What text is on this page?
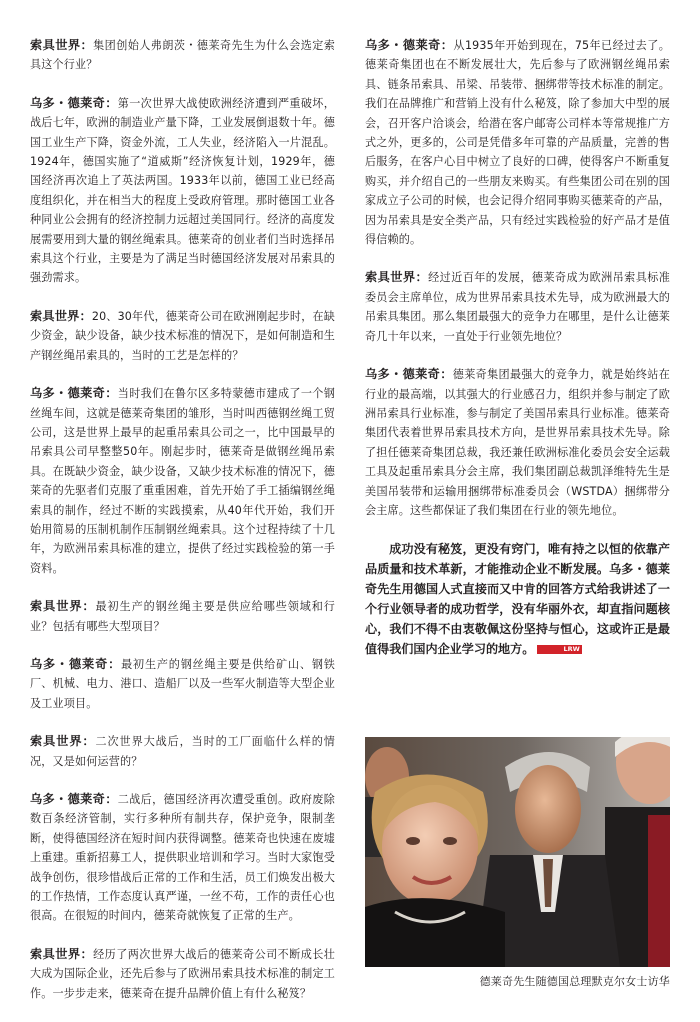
索具世界：集团创始人弗朗茨・德莱奇先生为什么会选定索具这个行业？

乌多・德莱奇：第一次世界大战使欧洲经济遭到严重破坏，战后七年，欧洲的制造业产量下降，工业发展倒退数十年。德国工业生产下降，资金外流，工人失业，经济陷入一片混乱。1924年，德国实施了“道威斯”经济恢复计划，1929年，德国经济再次追上了英法两国。1933年以前，德国工业已经高度组织化，并在相当大的程度上受政府管理。那时德国工业各种同业公会拥有的经济控制力远超过美国同行。经济的高度发展需要用到大量的钢丝绳索具。德莱奇的创业者们当时选择吊索具这个行业，主要是为了满足当时德国经济发展对吊索具的强劲需求。

索具世界：20、30年代，德莱奇公司在欧洲刚起步时，在缺少资金，缺少设备，缺少技术标准的情况下，是如何制造和生产钢丝绳吊索具的，当时的工艺是怎样的？

乌多・德莱奇：当时我们在鲁尔区多特蒙德市建成了一个钢丝绳车间，这就是德莱奇集团的雏形，当时叫西德钢丝绳工贸公司，这是世界上最早的起重吊索具公司之一，比中国最早的吊索具公司早整整50年。刚起步时，德莱奇是做钢丝绳吊索具。在既缺少资金，缺少设备，又缺少技术标准的情况下，德莱奇的先驱者们克服了重重困难，首先开始了手工插编钢丝绳索具的制作，经过不断的实践摸索，从40年代开始，我们开始用简易的压制机制作压制钢丝绳索具。这个过程持续了十几年，为欧洲吊索具标准的建立，提供了经过实践检验的第一手资料。

索具世界：最初生产的钢丝绳主要是供应给哪些领域和行业？包括有哪些大型项目？

乌多・德莱奇：最初生产的钢丝绳主要是供给矿山、钢铁厂、机械、电力、港口、造船厂以及一些军火制造等大型企业及工业项目。

索具世界：二次世界大战后，当时的工厂面临什么样的情况，又是如何运营的？

乌多・德莱奇：二战后，德国经济再次遭受重创。政府废除数百条经济管制，实行多种所有制共存，保护竞争，限制垄断，使得德国经济在短时间内获得调整。德莱奇也快速在废墟上重建。重新招募工人，提供职业培训和学习。当时大家饱受战争创伤，很珍惜战后正常的工作和生活，员工们焕发出极大的工作热情，工作态度认真严谨，一丝不苟，工作的责任心也很高。在很短的时间内，德莱奇就恢复了正常的生产。

索具世界：经历了两次世界大战后的德莱奇公司不断成长壮大成为国际企业，还先后参与了欧洲吊索具技术标准的制定工作。一步步走来，德莱奇在提升品牌价值上有什么秘笈？

乌多・德莱奇：从1935年开始到现在，75年已经过去了。德莱奇集团也在不断发展壮大，先后参与了欧洲钢丝绳吊索具、链条吊索具、吊梁、吊装带、捆绑带等技术标准的制定。我们在品牌推广和营销上没有什么秘笈，除了参加大中型的展会，召开客户洽谈会，给潜在客户邮寄公司样本等常规推广方式之外，更多的，公司是凭借多年可靠的产品质量，完善的售后服务，在客户心目中树立了良好的口碑，使得客户不断重复购买，并介绍自己的一些朋友来购买。有些集团公司在别的国家成立子公司的时候，也会记得介绍同事购买德莱奇的产品，因为吊索具是安全类产品，只有经过实践检验的好产品才是值得信赖的。

索具世界：经过近百年的发展，德莱奇成为欧洲吊索具标准委员会主席单位，成为世界吊索具技术先导，成为欧洲最大的吊索具集团。那么集团最强大的竞争力在哪里，是什么让德莱奇几十年以来，一直处于行业领先地位？

乌多・德莱奇：德莱奇集团最强大的竞争力，就是始终站在行业的最高端，以其强大的行业感召力，组织并参与制定了欧洲吊索具行业标准，参与制定了美国吊索具行业标准。德莱奇集团代表着世界吊索具技术方向，是世界吊索具技术先导。除了担任德莱奇集团总裁，我还兼任欧洲标准化委员会安全运载工具及起重吊索具分会主席，我们集团副总裁凯泽维特先生是美国吊装带和运输用捆绑带标准委员会（WSTDA）捆绑带分会主席。这些都保证了我们集团在行业的领先地位。

成功没有秘笈，更没有窍门，唯有持之以恒的依靠产品质量和技术革新，才能推动企业不断发展。乌多・德莱奇先生用德国人式直接而又中肯的回答方式给我讲述了一个行业领导者的成功哲学，没有华丽外衣，却直指问题核心，我们不得不由衷敬佩这份坚持与恒心，这或许正是最值得我们国内企业学习的地方。	LRW

德莱奇先生随德国总理默克尔女士访华
